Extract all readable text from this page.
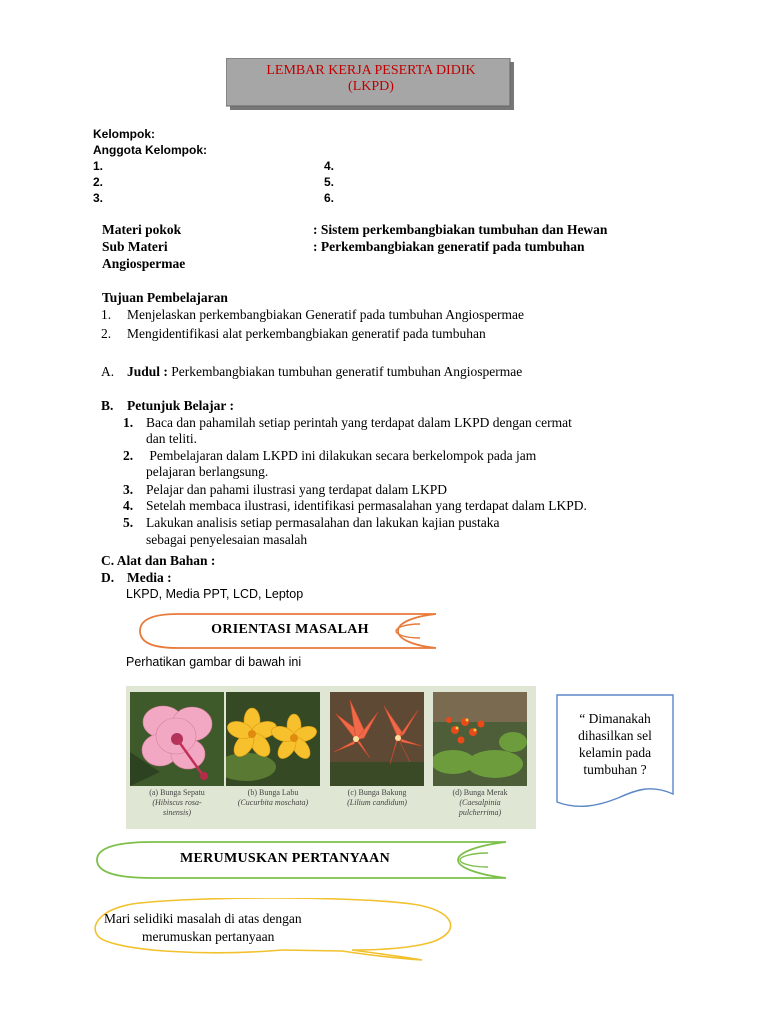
LEMBAR KERJA PESERTA DIDIK
(LKPD)
Kelompok:
Anggota Kelompok:
1.
2.
3.
4.
5.
6.
Materi pokok	: Sistem perkembangbiakan tumbuhan dan Hewan
Sub Materi	: Perkembangbiakan generatif pada tumbuhan
Angiospermae
Tujuan Pembelajaran
1. Menjelaskan perkembangbiakan Generatif pada tumbuhan Angiospermae
2. Mengidentifikasi alat perkembangbiakan generatif pada tumbuhan
A. Judul : Perkembangbiakan tumbuhan generatif tumbuhan Angiospermae
B. Petunjuk Belajar :
1. Baca dan pahamilah setiap perintah yang terdapat dalam LKPD dengan cermat
dan teliti.
2. Pembelajaran dalam LKPD ini dilakukan secara berkelompok pada jam
pelajaran berlangsung.
3. Pelajar dan pahami ilustrasi yang terdapat dalam LKPD
4. Setelah membaca ilustrasi, identifikasi permasalahan yang terdapat dalam LKPD.
5. Lakukan analisis setiap permasalahan dan lakukan kajian pustaka
sebagai penyelesaian masalah
C. Alat dan Bahan :
D. Media :
LKPD, Media PPT, LCD, Leptop
ORIENTASI MASALAH
Perhatikan gambar di bawah ini
(a) Bunga Sepatu
(Hibiscus rosa-
sinensis)
(b) Bunga Labu
(Cucurbita moschata)
(c) Bunga Bakung
(Lilium candidum)
(d) Bunga Merak
(Caesalpinia
pulcherrima)
“ Dimanakah
dihasilkan sel
kelamin pada
tumbuhan ?
MERUMUSKAN PERTANYAAN
Mari selidiki masalah di atas dengan
merumuskan pertanyaan
